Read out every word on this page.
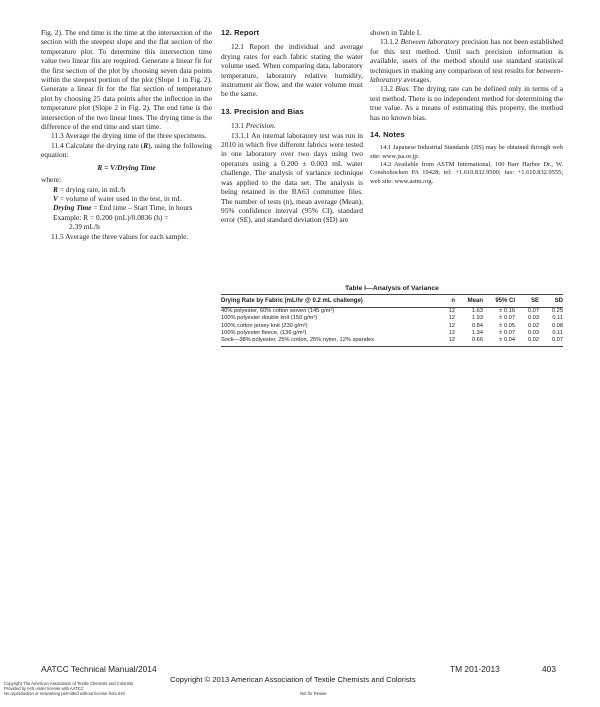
Fig. 2). The end time is the time at the intersection of the section with the steepest slope and the flat section of the temperature plot. To determine this intersection time value two linear fits are required. Generate a linear fit for the first section of the plot by choosing seven data points within the steepest portion of the plot (Slope 1 in Fig. 2). Generate a linear fit for the flat section of temperature plot by choosing 25 data points after the inflection in the temperature plot (Slope 2 in Fig. 2). The end time is the intersection of the two linear lines. The drying time is the difference of the end time and start time.

11.3 Average the drying time of the three specimens.

11.4 Calculate the drying rate (R), using the following equation:

R = V/Drying Time

where:

R = drying rate, in mL/h

V = volume of water used in the test, in mL

Drying Time = End time – Start Time, in hours

Example: R = 0.200 (mL)/0.0836 (h) =

2.39 mL/h

11.5 Average the three values for each sample.

12. Report

12.1 Report the individual and average drying rates for each fabric stating the water volume used. When comparing data, laboratory temperature, laboratory relative humidity, instrument air flow, and the water volume must be the same.

13. Precision and Bias

13.1 Precision.

13.1.1 An internal laboratory test was run in 2010 in which five different fabrics were tested in one laboratory over two days using two operators using a 0.200 ± 0.003 mL water challenge. The analysis of variance technique was applied to the data set. The analysis is being retained in the RA63 committee files. The number of tests (n), mean average (Mean), 95% confidence interval (95% CI), standard error (SE), and standard deviation (SD) are

shown in Table I.

13.1.2 Between laboratory precision has not been established for this test method. Until such precision information is available, users of the method should use standard statistical techniques in making any comparison of test results for between-laboratory averages.

13.2 Bias. The drying rate can be defined only in terms of a test method. There is no independent method for determining the true value. As a means of estimating this property, the method has no known bias.

14. Notes

14.1 Japanese Industrial Standards (JIS) may be obtained through web site: www.jsa.or.jp.

14.2 Available from ASTM International, 100 Barr Harbor Dr., W. Conshohocken PA 19428; tel: +1.610.832.9500; fax: +1.610.832.9555; web site: www.astm.org.

Table I—Analysis of Variance
Drying Rate by Fabric (mL/hr @ 0.2 mL challenge)	n	Mean	95% CI	SE	SD
40% polyester, 60% cotton woven (145 g/m²)	12	1.63	± 0.16	0.07	0.25
100% polyester double knit (150 g/m²)	12	1.93	± 0.07	0.03	0.11
100% cotton jersey knit (230 g/m²)	12	0.84	± 0.05	0.02	0.08
100% polyester fleece, (136 g/m²)	12	1.34	± 0.07	0.03	0.11
Sock—38% polyester, 25% cotton, 25% nylon, 12% spandex	12	0.66	± 0.04	0.02	0.07
AATCC Technical Manual/2014	TM 201-2013	403
Copyright © 2013 American Association of Textile Chemists and Colorists
Copyright The American Association of Textile Chemists and Colorists
Provided by IHS under license with AATCC
No reproduction or networking permitted without license from IHS	Not for Resale
